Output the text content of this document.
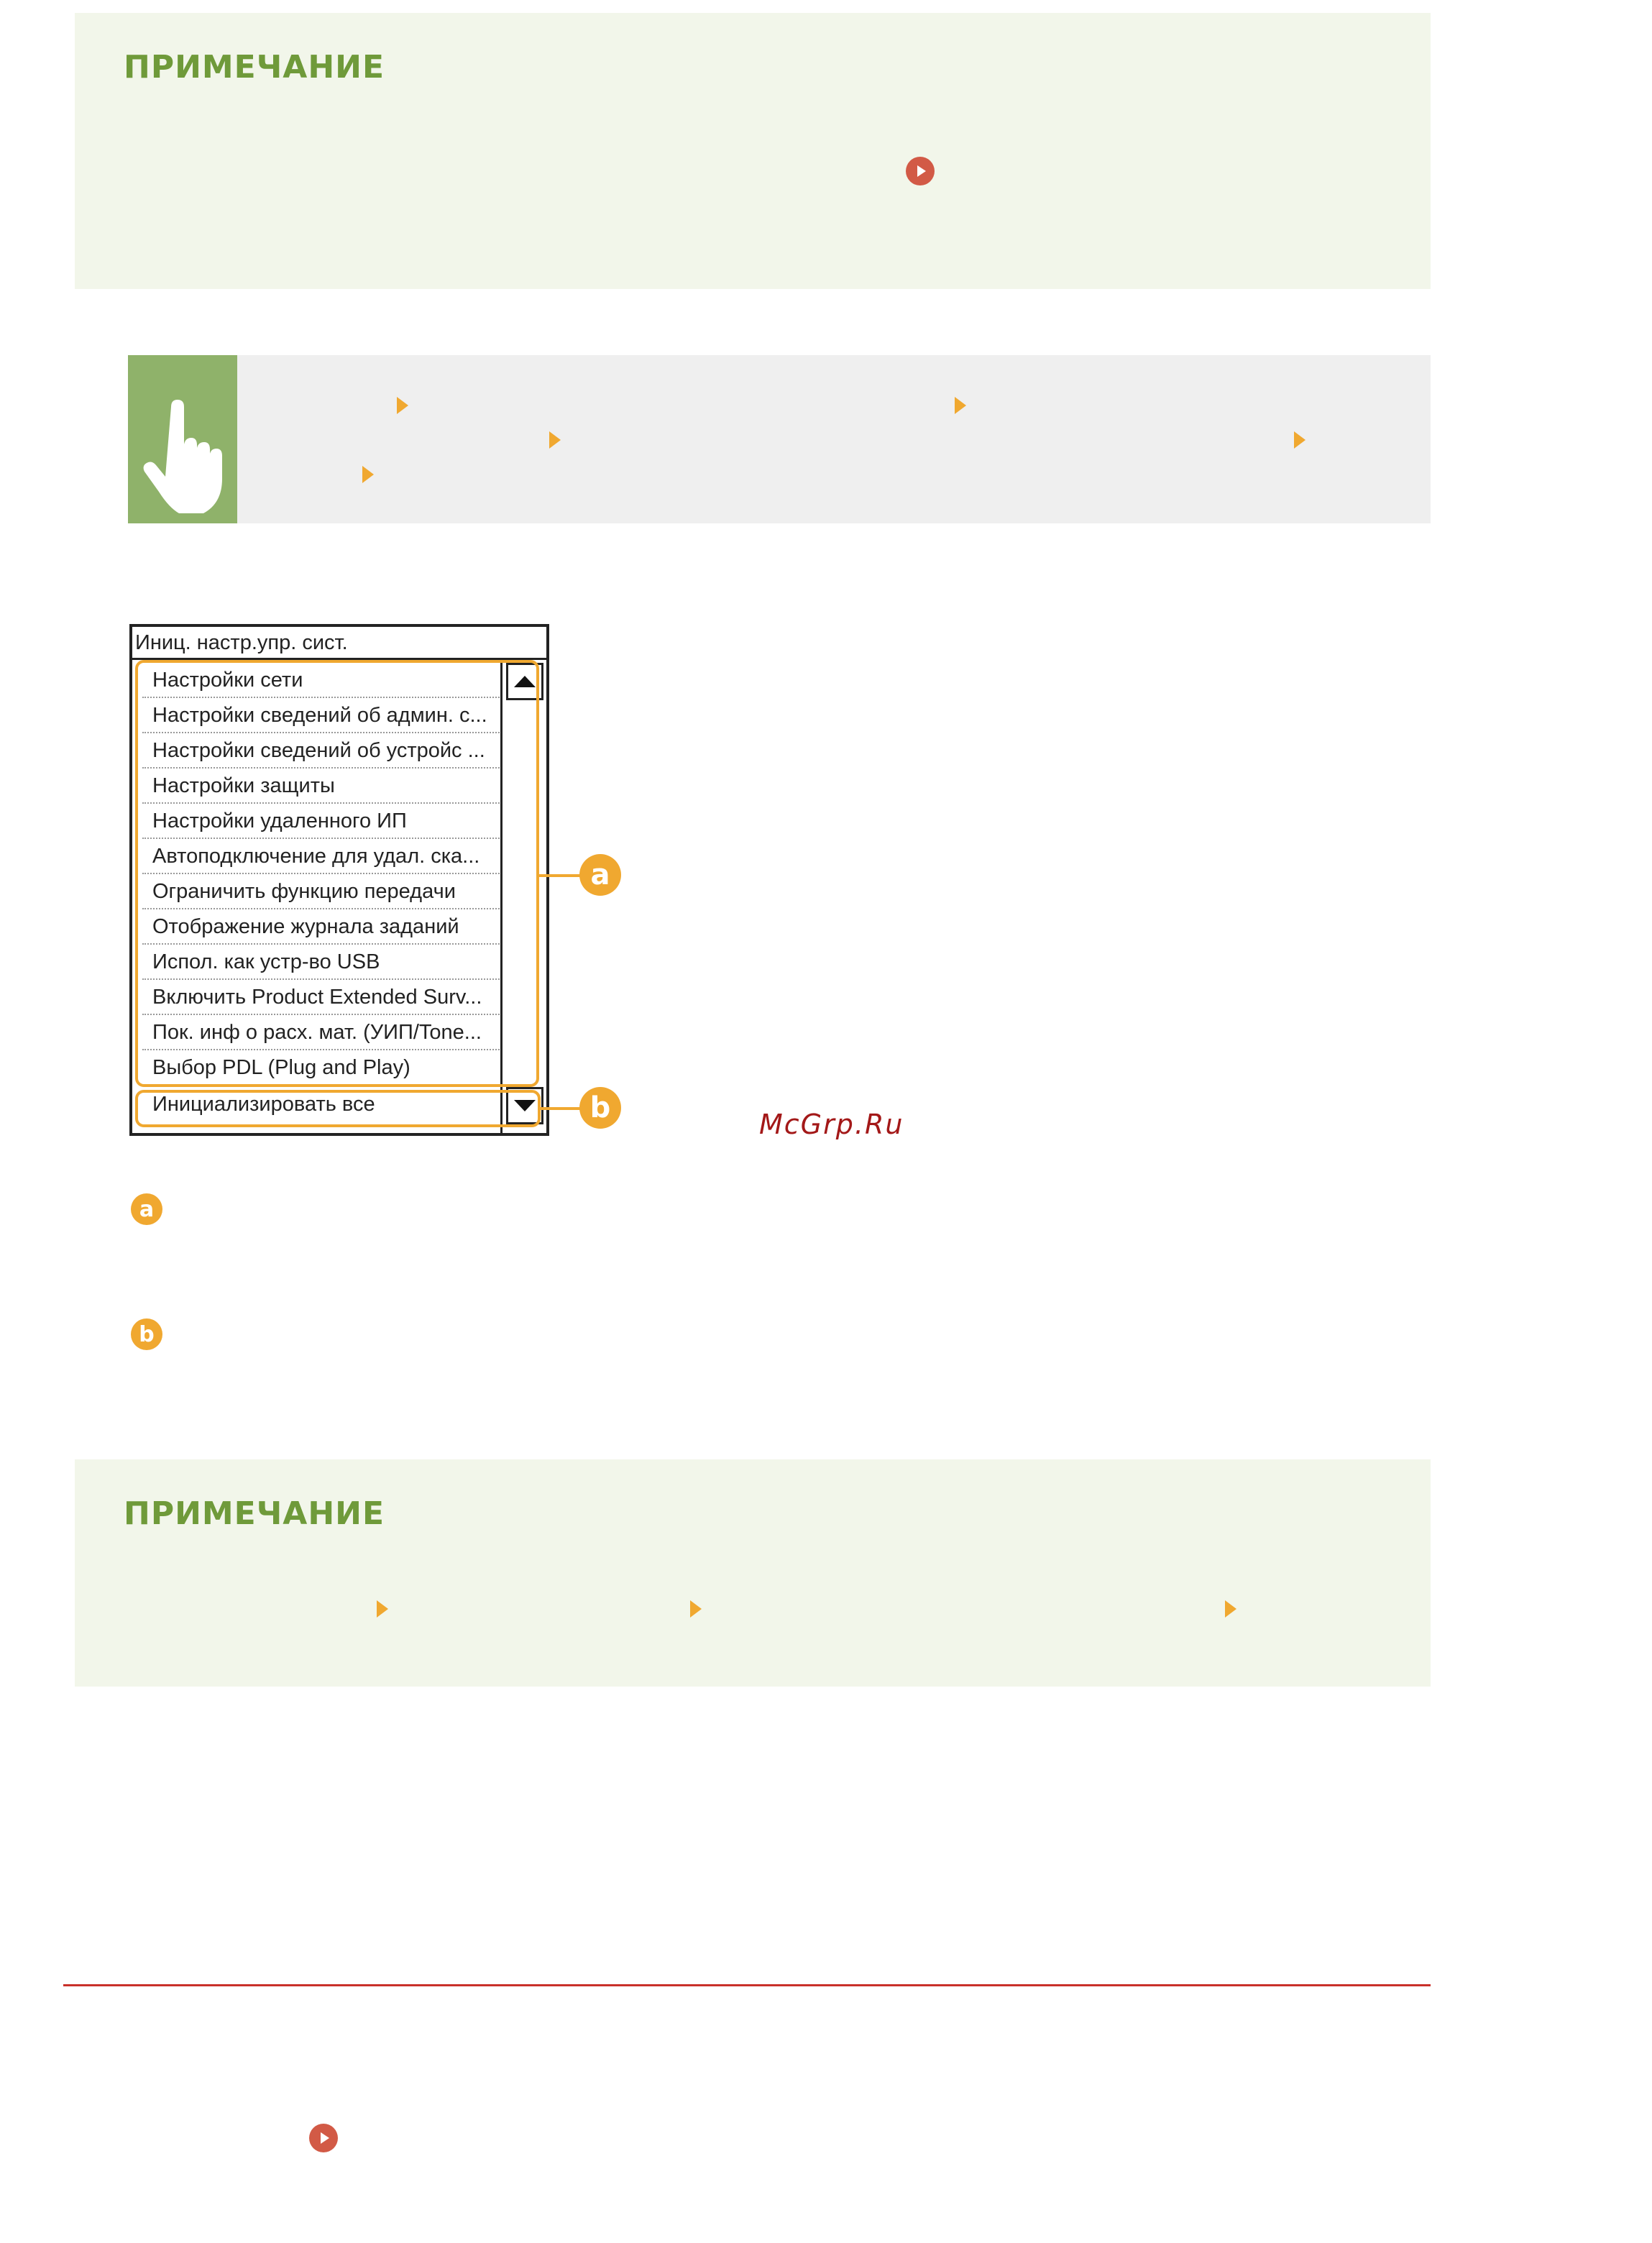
ПРИМЕЧАНИЕ
Иниц. настр.упр. сист.
Настройки сети
Настройки сведений об админ. с...
Настройки сведений об устройс ...
Настройки защиты
Настройки удаленного ИП
Автоподключение для удал. ска...
Ограничить функцию передачи
Отображение журнала заданий
Испол. как устр-во USB
Включить Product Extended Surv...
Пок. инф о расх. мат. (УИП/Tone...
Выбор PDL (Plug and Play)
Инициализировать все
a
b	McGrp.Ru
a
b
ПРИМЕЧАНИЕ
